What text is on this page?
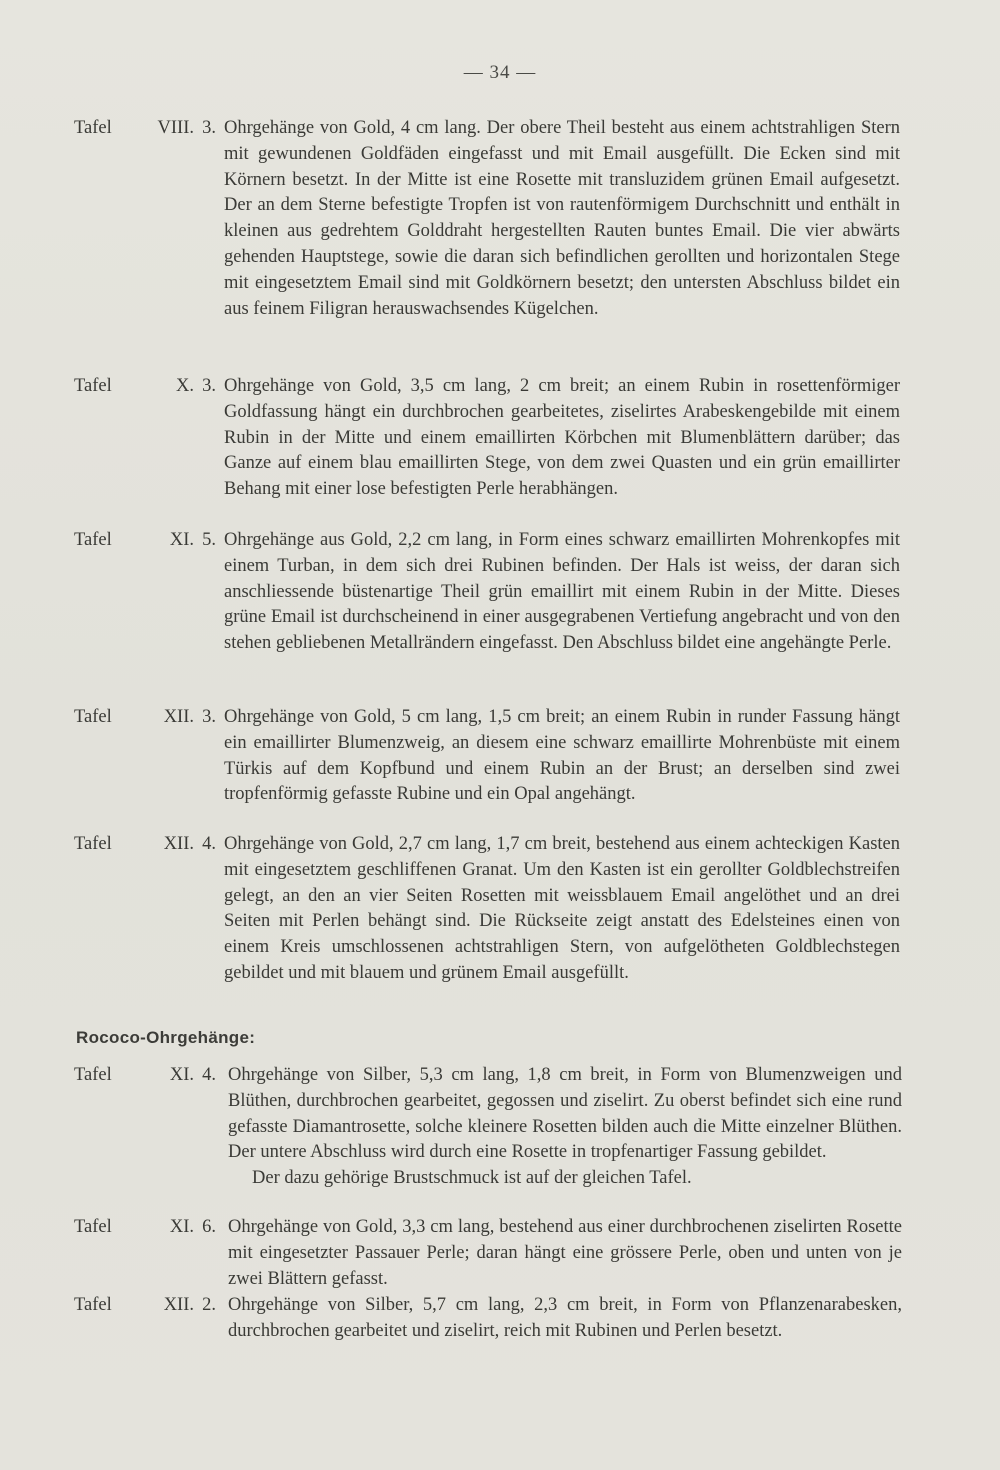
— 34 —
Tafel VIII. 3. Ohrgehänge von Gold, 4 cm lang. Der obere Theil besteht aus einem achtstrahligen Stern mit gewundenen Goldfäden eingefasst und mit Email ausgefüllt. Die Ecken sind mit Körnern besetzt. In der Mitte ist eine Rosette mit transluzidem grünen Email aufgesetzt. Der an dem Sterne befestigte Tropfen ist von rautenförmigem Durchschnitt und enthält in kleinen aus gedrehtem Golddraht hergestellten Rauten buntes Email. Die vier abwärts gehenden Hauptstege, sowie die daran sich befindlichen gerollten und horizontalen Stege mit eingesetztem Email sind mit Goldkörnern besetzt; den untersten Abschluss bildet ein aus feinem Filigran herauswachsendes Kügelchen.
Tafel	X. 3. Ohrgehänge von Gold, 3,5 cm lang, 2 cm breit; an einem Rubin in rosettenförmiger Goldfassung hängt ein durchbrochen gearbeitetes, ziselirtes Arabeskengebilde mit einem Rubin in der Mitte und einem emaillirten Körbchen mit Blumenblättern darüber; das Ganze auf einem blau emaillirten Stege, von dem zwei Quasten und ein grün emaillirter Behang mit einer lose befestigten Perle herabhängen.
Tafel	XI. 5. Ohrgehänge aus Gold, 2,2 cm lang, in Form eines schwarz emaillirten Mohrenkopfes mit einem Turban, in dem sich drei Rubinen befinden. Der Hals ist weiss, der daran sich anschliessende büstenartige Theil grün emaillirt mit einem Rubin in der Mitte. Dieses grüne Email ist durchscheinend in einer ausgegrabenen Vertiefung angebracht und von den stehen gebliebenen Metallrändern eingefasst. Den Abschluss bildet eine angehängte Perle.
Tafel	XII. 3. Ohrgehänge von Gold, 5 cm lang, 1,5 cm breit; an einem Rubin in runder Fassung hängt ein emaillirter Blumenzweig, an diesem eine schwarz emaillirte Mohrenbüste mit einem Türkis auf dem Kopfbund und einem Rubin an der Brust; an derselben sind zwei tropfenförmig gefasste Rubine und ein Opal angehängt.
Tafel	XII. 4. Ohrgehänge von Gold, 2,7 cm lang, 1,7 cm breit, bestehend aus einem achteckigen Kasten mit eingesetztem geschliffenen Granat. Um den Kasten ist ein gerollter Goldblechstreifen gelegt, an den an vier Seiten Rosetten mit weissblauem Email angelöthet und an drei Seiten mit Perlen behängt sind. Die Rückseite zeigt anstatt des Edelsteines einen von einem Kreis umschlossenen achtstrahligen Stern, von aufgelötheten Goldblechstegen gebildet und mit blauem und grünem Email ausgefüllt.
Rococo-Ohrgehänge:
Tafel	XI. 4. Ohrgehänge von Silber, 5,3 cm lang, 1,8 cm breit, in Form von Blumenzweigen und Blüthen, durchbrochen gearbeitet, gegossen und ziselirt. Zu oberst befindet sich eine rund gefasste Diamantrosette, solche kleinere Rosetten bilden auch die Mitte einzelner Blüthen. Der untere Abschluss wird durch eine Rosette in tropfenartiger Fassung gebildet.
Der dazu gehörige Brustschmuck ist auf der gleichen Tafel.
Tafel	XI. 6. Ohrgehänge von Gold, 3,3 cm lang, bestehend aus einer durchbrochenen ziselirten Rosette mit eingesetzter Passauer Perle; daran hängt eine grössere Perle, oben und unten von je zwei Blättern gefasst.
Tafel	XII. 2. Ohrgehänge von Silber, 5,7 cm lang, 2,3 cm breit, in Form von Pflanzenarabesken, durchbrochen gearbeitet und ziselirt, reich mit Rubinen und Perlen besetzt.
